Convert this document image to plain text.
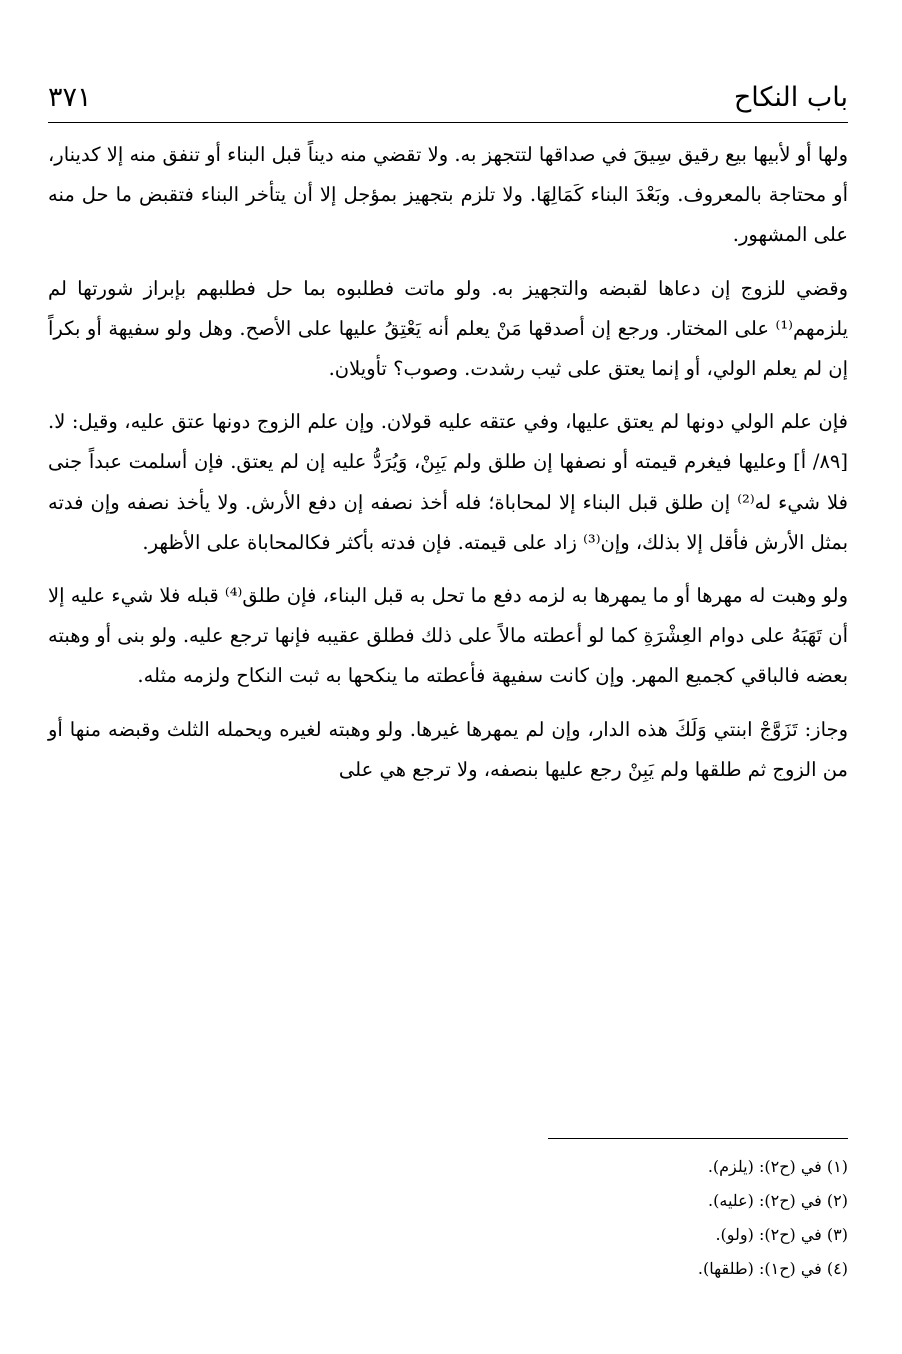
باب النكاح
٣٧١

ولها أو لأبيها بيع رقيق سِيقَ في صداقها لتتجهز به. ولا تقضي منه ديناً قبل البناء أو تنفق منه إلا كدينار، أو محتاجة بالمعروف. وبَعْدَ البناء كَمَالِهَا. ولا تلزم بتجهيز بمؤجل إلا أن يتأخر البناء فتقبض ما حل منه على المشهور.

وقضي للزوج إن دعاها لقبضه والتجهيز به. ولو ماتت فطلبوه بما حل فطلبهم بإبراز شورتها لم يلزمهم⁽¹⁾ على المختار. ورجع إن أصدقها مَنْ يعلم أنه يَعْتِقُ عليها على الأصح. وهل ولو سفيهة أو بكراً إن لم يعلم الولي، أو إنما يعتق على ثيب رشدت. وصوب؟ تأويلان.

فإن علم الولي دونها لم يعتق عليها، وفي عتقه عليه قولان. وإن علم الزوج دونها عتق عليه، وقيل: لا. [٨٩/ أ] وعليها فيغرم قيمته أو نصفها إن طلق ولم يَبِنْ، وَيُرَدُّ عليه إن لم يعتق. فإن أسلمت عبداً جنى فلا شيء له⁽²⁾ إن طلق قبل البناء إلا لمحاباة؛ فله أخذ نصفه إن دفع الأرش. ولا يأخذ نصفه وإن فدته بمثل الأرش فأقل إلا بذلك، وإن⁽³⁾ زاد على قيمته. فإن فدته بأكثر فكالمحاباة على الأظهر.

ولو وهبت له مهرها أو ما يمهرها به لزمه دفع ما تحل به قبل البناء، فإن طلق⁽⁴⁾ قبله فلا شيء عليه إلا أن تَهَبَهُ على دوام العِشْرَةِ كما لو أعطته مالاً على ذلك فطلق عقيبه فإنها ترجع عليه. ولو بنى أو وهبته بعضه فالباقي كجميع المهر. وإن كانت سفيهة فأعطته ما ينكحها به ثبت النكاح ولزمه مثله.

وجاز: تَزَوَّجْ ابنتي وَلَكَ هذه الدار، وإن لم يمهرها غيرها. ولو وهبته لغيره ويحمله الثلث وقبضه منها أو من الزوج ثم طلقها ولم يَبِنْ رجع عليها بنصفه، ولا ترجع هي على

(١) في (ح٢): (يلزم).

(٢) في (ح٢): (عليه).

(٣) في (ح٢): (ولو).

(٤) في (ح١): (طلقها).
